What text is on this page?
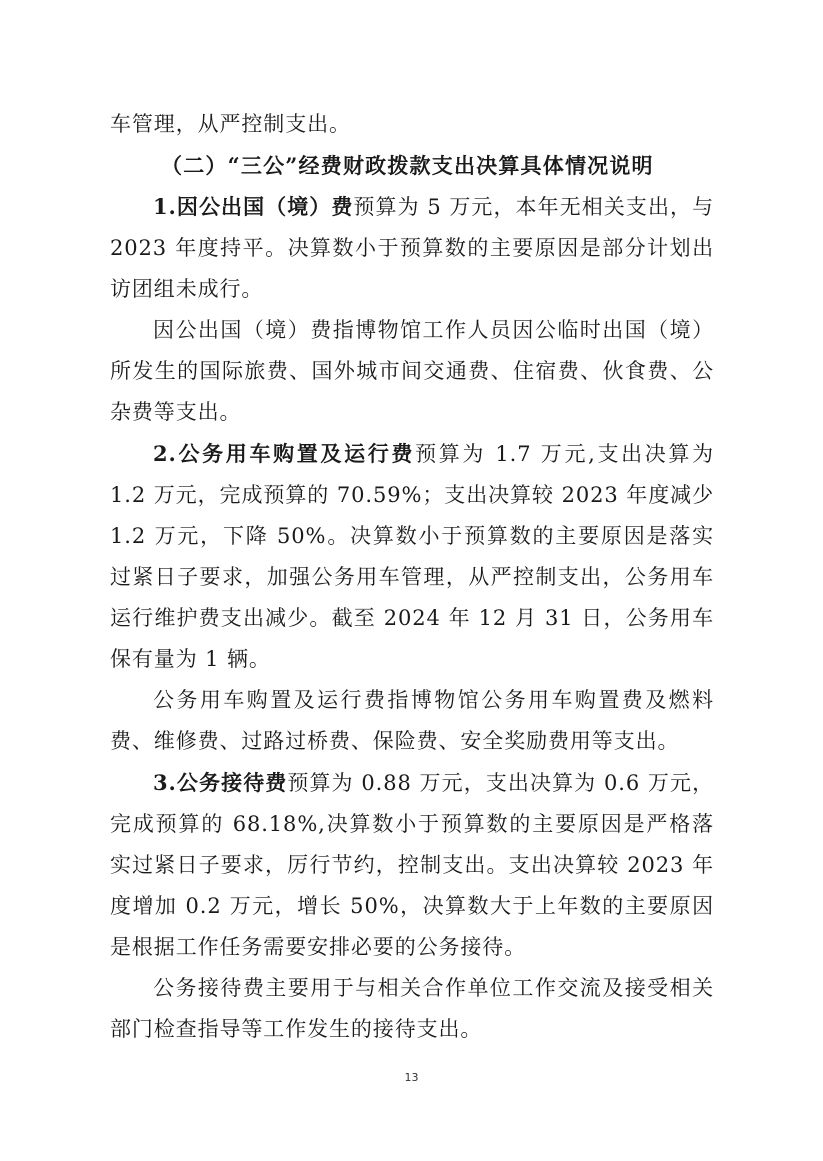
车管理，从严控制支出。

（二）“三公”经费财政拨款支出决算具体情况说明

1.因公出国（境）费预算为 5 万元，本年无相关支出，与 2023 年度持平。决算数小于预算数的主要原因是部分计划出访团组未成行。

因公出国（境）费指博物馆工作人员因公临时出国（境）所发生的国际旅费、国外城市间交通费、住宿费、伙食费、公杂费等支出。

2.公务用车购置及运行费预算为 1.7 万元,支出决算为 1.2 万元，完成预算的 70.59%；支出决算较 2023 年度减少 1.2 万元，下降 50%。决算数小于预算数的主要原因是落实过紧日子要求，加强公务用车管理，从严控制支出，公务用车运行维护费支出减少。截至 2024 年 12 月 31 日，公务用车保有量为 1 辆。

公务用车购置及运行费指博物馆公务用车购置费及燃料费、维修费、过路过桥费、保险费、安全奖励费用等支出。

3.公务接待费预算为 0.88 万元，支出决算为 0.6 万元，完成预算的 68.18%,决算数小于预算数的主要原因是严格落实过紧日子要求，厉行节约，控制支出。支出决算较 2023 年度增加 0.2 万元，增长 50%，决算数大于上年数的主要原因是根据工作任务需要安排必要的公务接待。

公务接待费主要用于与相关合作单位工作交流及接受相关部门检查指导等工作发生的接待支出。

13
